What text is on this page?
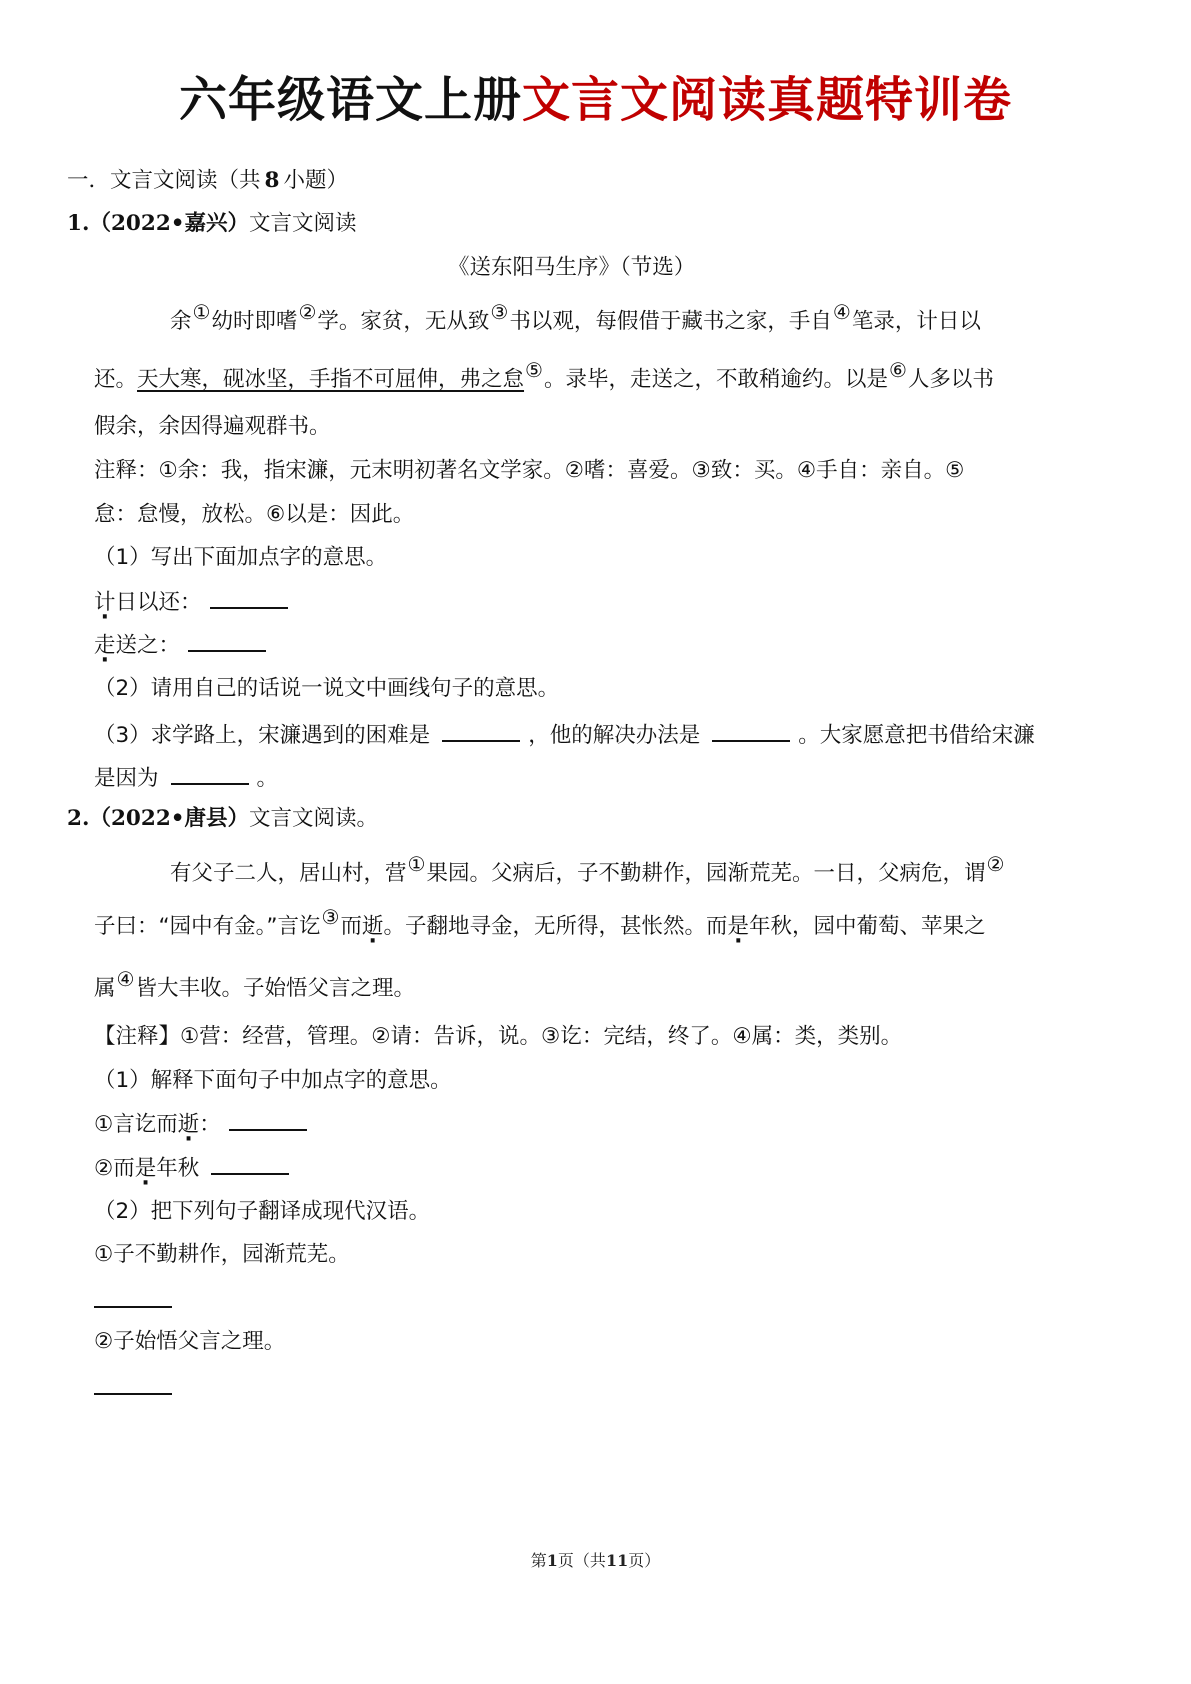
六年级语文上册文言文阅读真题特训卷
一．文言文阅读（共 8 小题）
1.（2022•嘉兴）文言文阅读
《送东阳马生序》（节选）
余①幼时即嗜②学。家贫，无从致③书以观，每假借于藏书之家，手自④笔录，计日以
还。天大寒，砚冰坚，手指不可屈伸，弗之怠⑤。录毕，走送之，不敢稍逾约。以是⑥人多以书
假余，余因得遍观群书。
注释：①余：我，指宋濂，元末明初著名文学家。②嗜：喜爱。③致：买。④手自：亲自。⑤
怠：怠慢，放松。⑥以是：因此。
（1）写出下面加点字的意思。
计日以还：
走送之：
（2）请用自己的话说一说文中画线句子的意思。
（3）求学路上，宋濂遇到的困难是	，他的解决办法是	。大家愿意把书借给宋濂
是因为	。
2.（2022•唐县）文言文阅读。
有父子二人，居山村，营①果园。父病后，子不勤耕作，园渐荒芜。一日，父病危，谓②
子曰：“园中有金。”言讫③而逝。子翻地寻金，无所得，甚怅然。而是年秋，园中葡萄、苹果之
属④皆大丰收。子始悟父言之理。
【注释】①营：经营，管理。②请：告诉，说。③讫：完结，终了。④属：类，类别。
（1）解释下面句子中加点字的意思。
①言讫而逝：
②而是年秋
（2）把下列句子翻译成现代汉语。
①子不勤耕作，园渐荒芜。
②子始悟父言之理。
第1页（共11页）
